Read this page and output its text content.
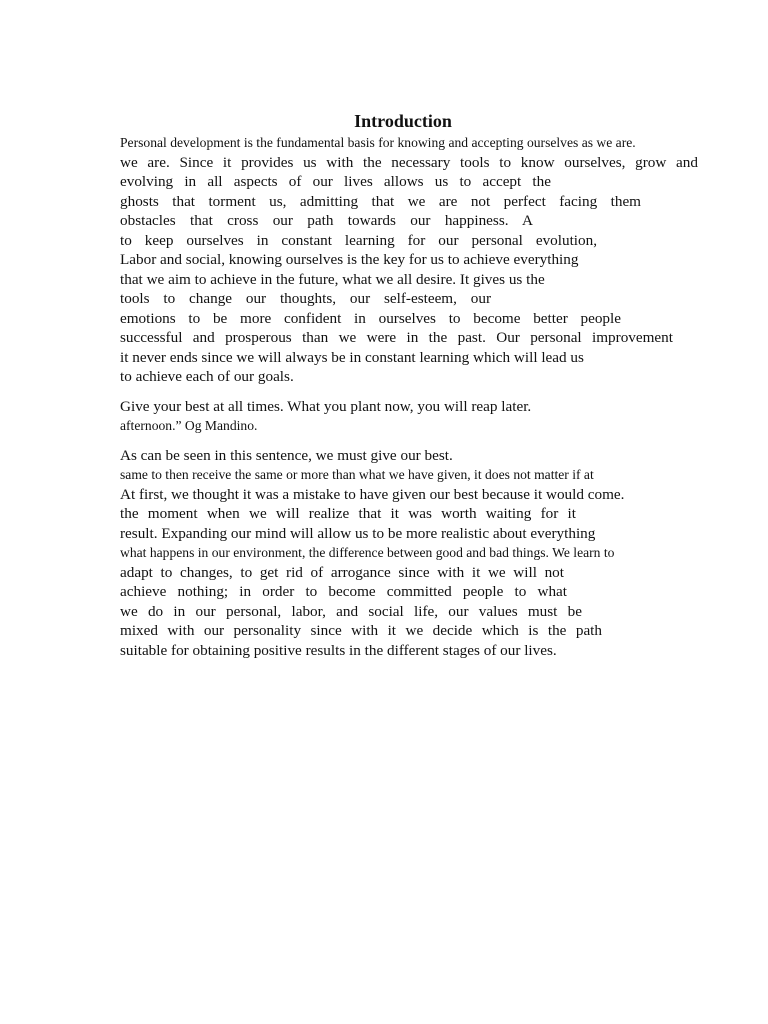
Introduction
Personal development is the fundamental basis for knowing and accepting ourselves as we are.
we are. Since it provides us with the necessary tools to know ourselves, grow and
evolving in all aspects of our lives allows us to accept the
ghosts that torment us, admitting that we are not perfect facing them
obstacles that cross our path towards our happiness. A
to keep ourselves in constant learning for our personal evolution,
Labor and social, knowing ourselves is the key for us to achieve everything
that we aim to achieve in the future, what we all desire. It gives us the
tools to change our thoughts, our self-esteem, our
emotions to be more confident in ourselves to become better people
successful and prosperous than we were in the past. Our personal improvement
it never ends since we will always be in constant learning which will lead us
to achieve each of our goals.
Give your best at all times. What you plant now, you will reap later.
afternoon.” Og Mandino.
As can be seen in this sentence, we must give our best.
same to then receive the same or more than what we have given, it does not matter if at
At first, we thought it was a mistake to have given our best because it would come.
the moment when we will realize that it was worth waiting for it
result. Expanding our mind will allow us to be more realistic about everything
what happens in our environment, the difference between good and bad things. We learn to
adapt to changes, to get rid of arrogance since with it we will not
achieve nothing; in order to become committed people to what
we do in our personal, labor, and social life, our values must be
mixed with our personality since with it we decide which is the path
suitable for obtaining positive results in the different stages of our lives.
